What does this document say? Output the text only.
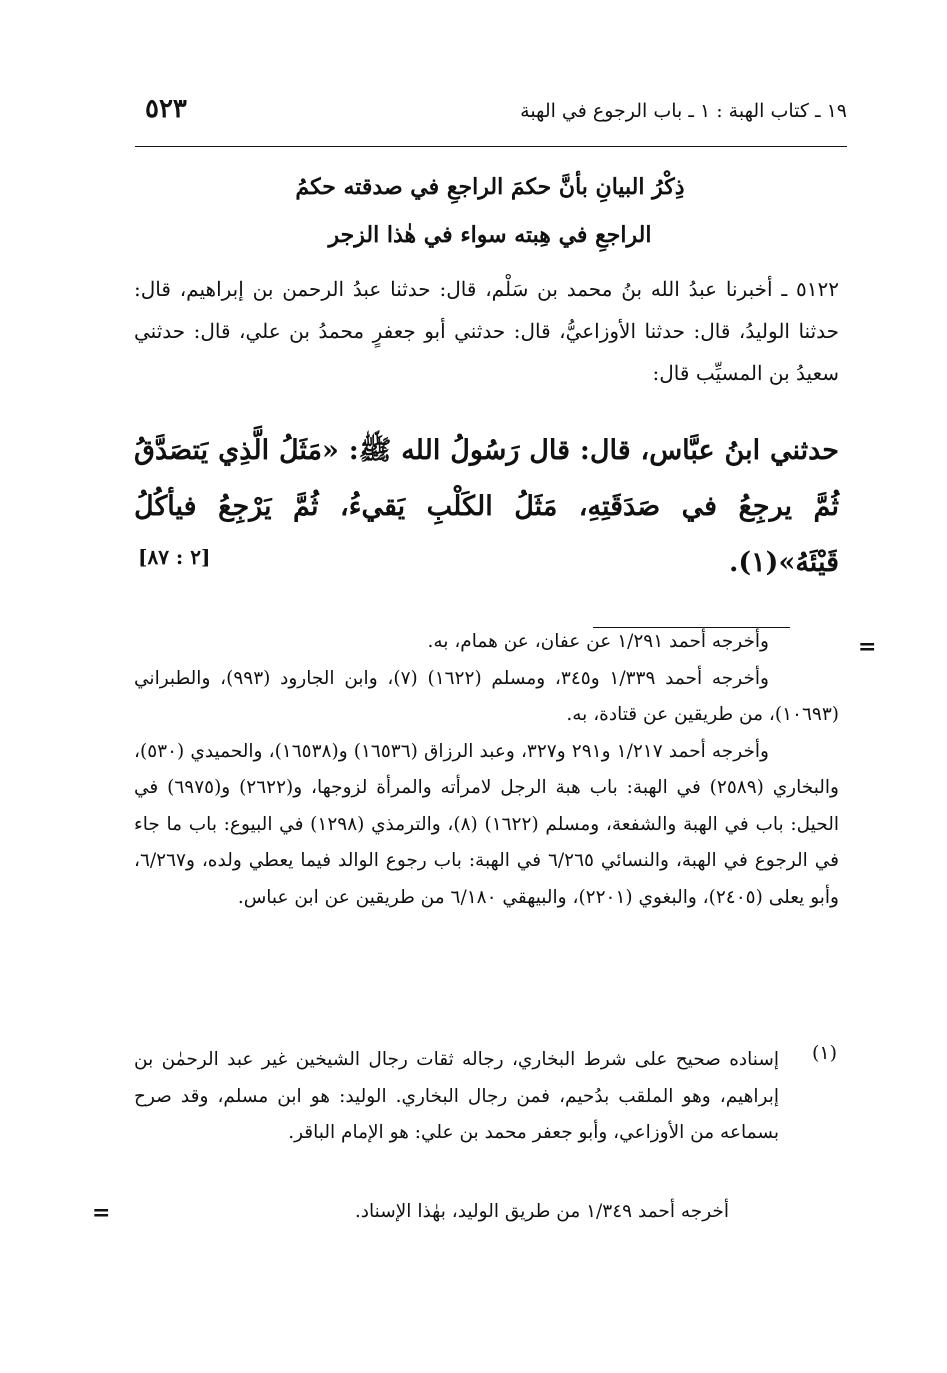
١٩ ـ كتاب الهبة : ١ ـ باب الرجوع في الهبة
٥٢٣
ذِكْرُ البيانِ بأنَّ حكمَ الراجعِ في صدقته حكمُ
الراجعِ في هِبته سواء في هٰذا الزجر
٥١٢٢ ـ أخبرنا عبدُ الله بنُ محمد بن سَلْم، قال: حدثنا عبدُ الرحمن بن إبراهيم، قال: حدثنا الوليدُ، قال: حدثنا الأوزاعيُّ، قال: حدثني أبو جعفرٍ محمدُ بن علي، قال: حدثني سعيدُ بن المسيِّب قال:
حدثني ابنُ عبَّاس، قال: قال رَسُولُ الله ﷺ: «مَثَلُ الَّذِي يَتصَدَّقُ ثُمَّ يرجِعُ في صَدَقَتِهِ، مَثَلُ الكَلْبِ يَقيءُ، ثُمَّ يَرْجِعُ فيأكُلُ قَيْئَهُ»(١).
[٢ : ٨٧]
=

وأخرجه أحمد ١/٢٩١ عن عفان، عن همام، به.

وأخرجه أحمد ١/٣٣٩ و٣٤٥، ومسلم (١٦٢٢) (٧)، وابن الجارود (٩٩٣)، والطبراني (١٠٦٩٣)، من طريقين عن قتادة، به.

وأخرجه أحمد ١/٢١٧ و٢٩١ و٣٢٧، وعبد الرزاق (١٦٥٣٦) و(١٦٥٣٨)، والحميدي (٥٣٠)، والبخاري (٢٥٨٩) في الهبة: باب هبة الرجل لامرأته والمرأة لزوجها، و(٢٦٢٢) و(٦٩٧٥) في الحيل: باب في الهبة والشفعة، ومسلم (١٦٢٢) (٨)، والترمذي (١٢٩٨) في البيوع: باب ما جاء في الرجوع في الهبة، والنسائي ٦/٢٦٥ في الهبة: باب رجوع الوالد فيما يعطي ولده، و٦/٢٦٧، وأبو يعلى (٢٤٠٥)، والبغوي (٢٢٠١)، والبيهقي ٦/١٨٠ من طريقين عن ابن عباس.

(١)
إسناده صحيح على شرط البخاري، رجاله ثقات رجال الشيخين غير عبد الرحمٰن بن إبراهيم، وهو الملقب بدُحيم، فمن رجال البخاري. الوليد: هو ابن مسلم، وقد صرح بسماعه من الأوزاعي، وأبو جعفر محمد بن علي: هو الإمام الباقر.
أخرجه أحمد ١/٣٤٩ من طريق الوليد، بهٰذا الإسناد.
=
